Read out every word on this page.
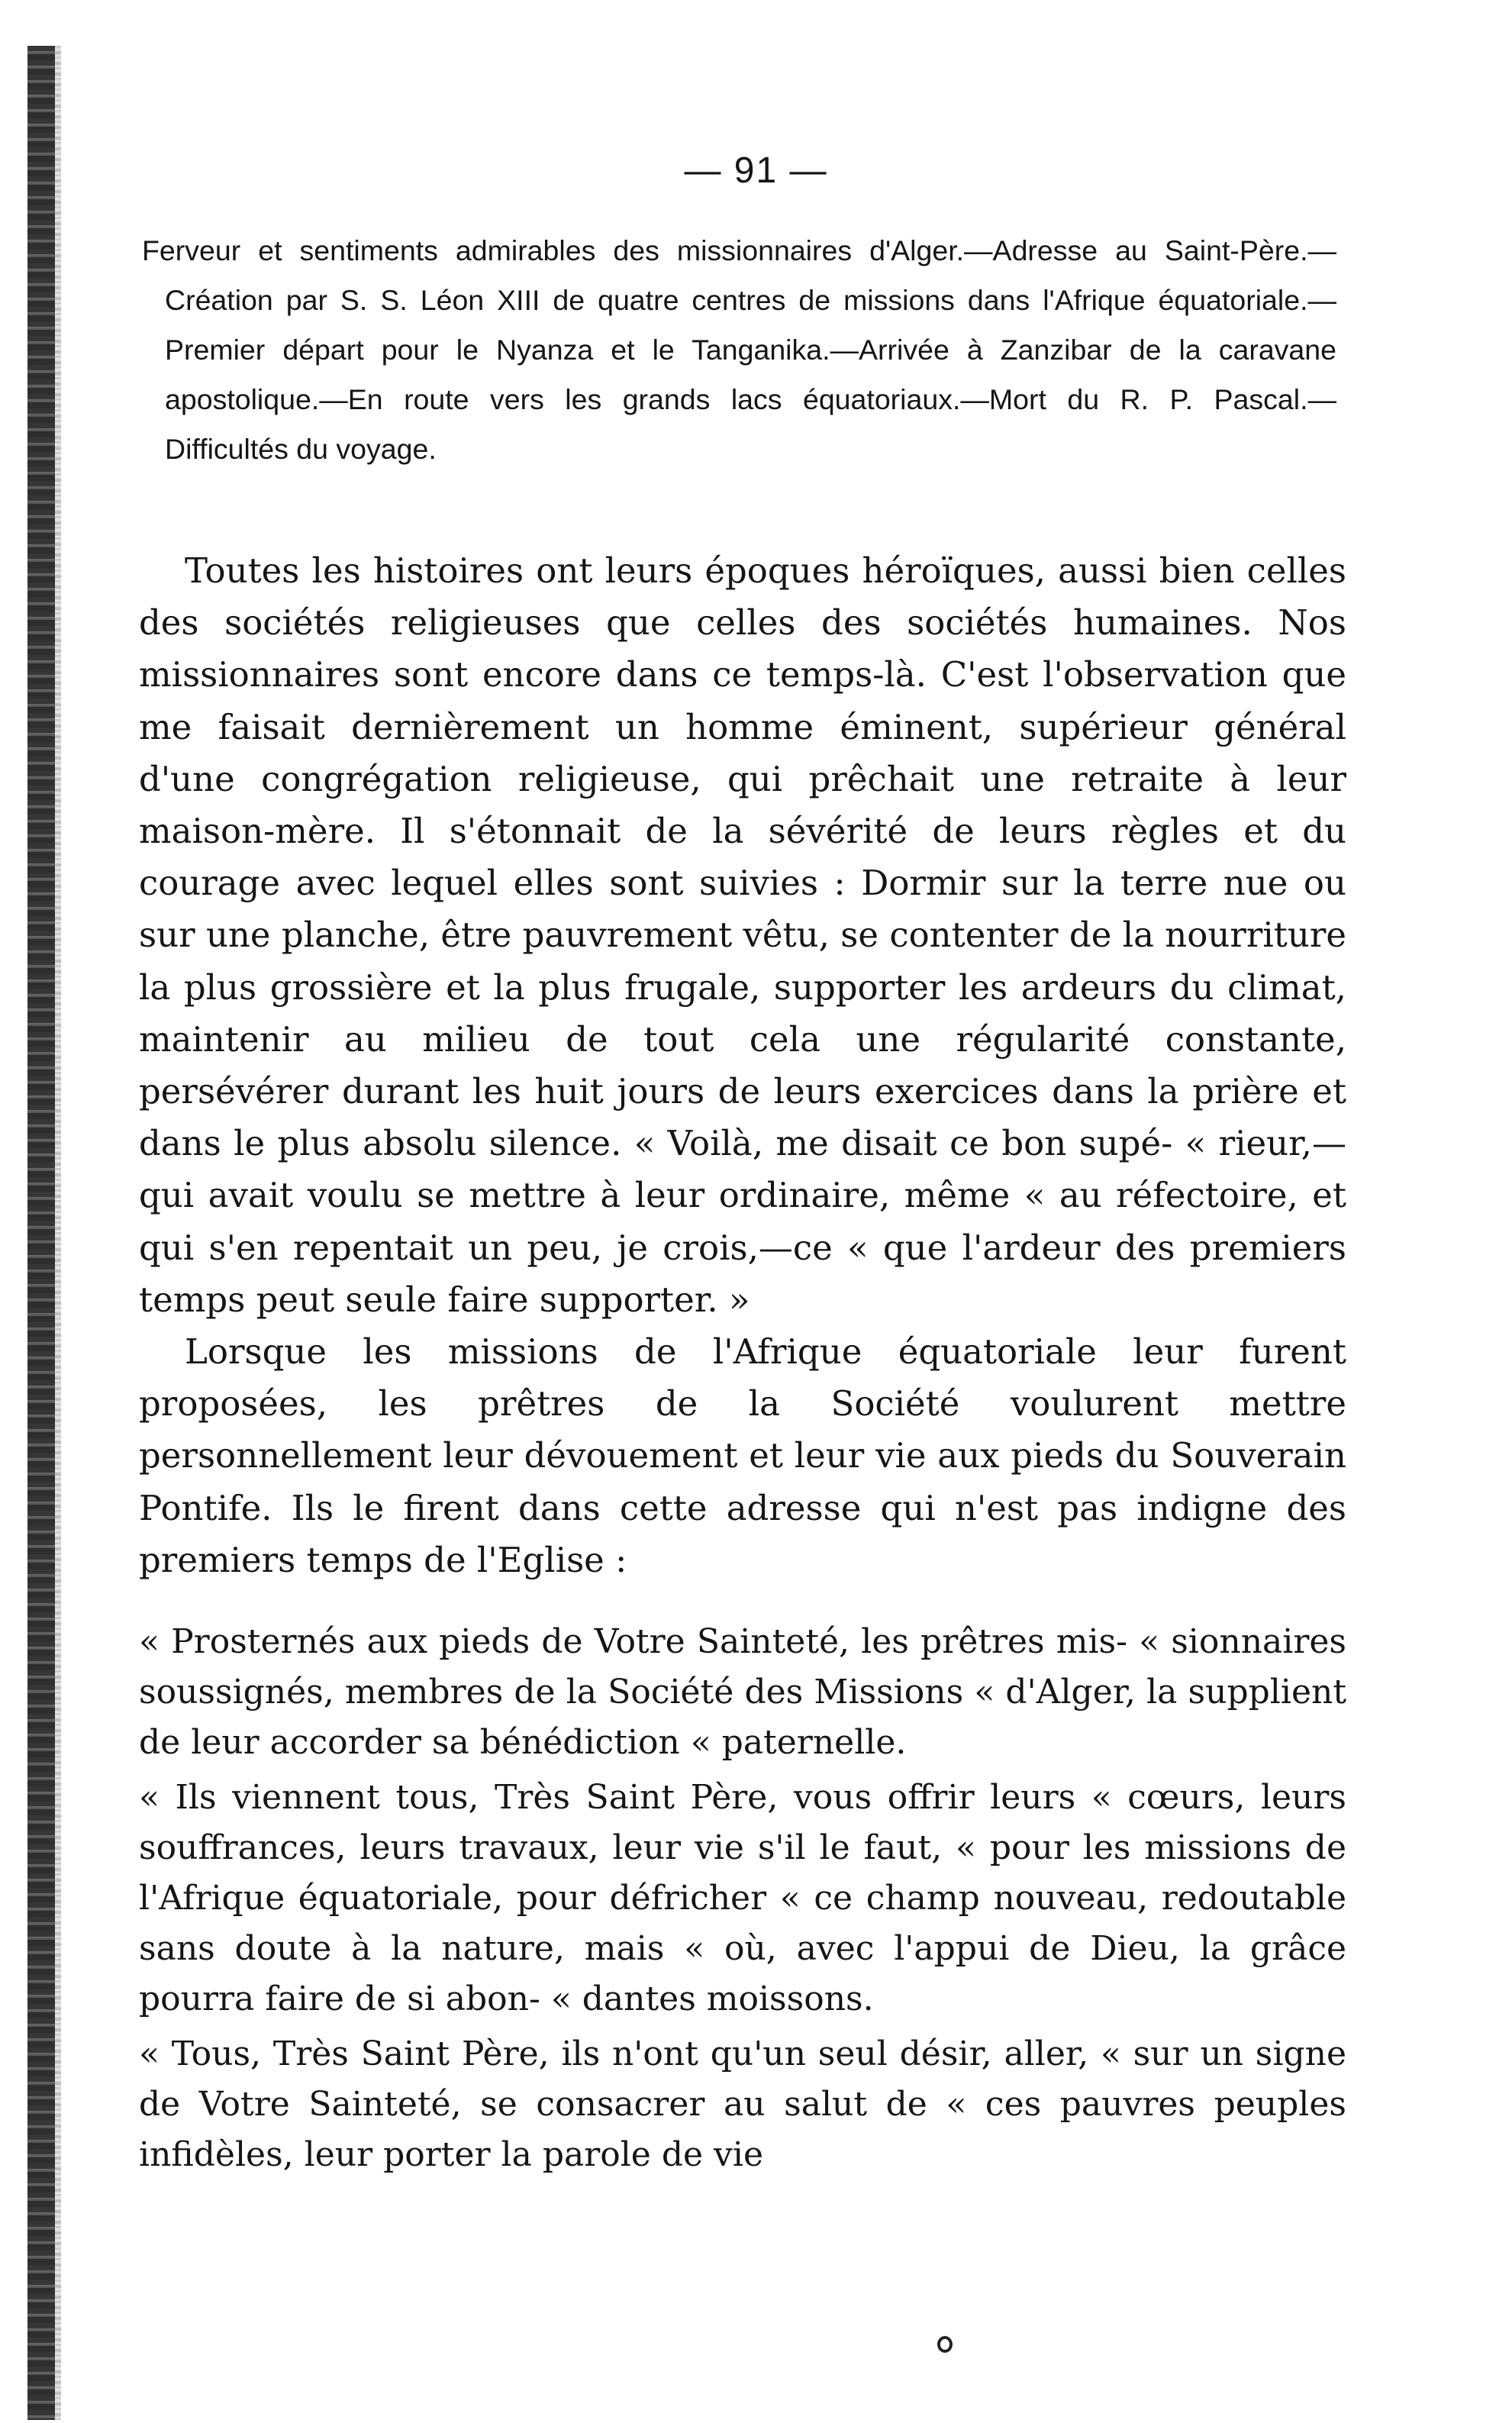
— 91 —

Ferveur et sentiments admirables des missionnaires d'Alger.—Adresse au Saint-Père.—Création par S. S. Léon XIII de quatre centres de missions dans l'Afrique équatoriale.—Premier départ pour le Nyanza et le Tanganika.—Arrivée à Zanzibar de la caravane apostolique.—En route vers les grands lacs équatoriaux.—Mort du R. P. Pascal.— Difficultés du voyage.

Toutes les histoires ont leurs époques héroïques, aussi bien celles des sociétés religieuses que celles des sociétés humaines. Nos missionnaires sont encore dans ce temps-là. C'est l'observation que me faisait dernièrement un homme éminent, supérieur général d'une congrégation religieuse, qui prêchait une retraite à leur maison-mère. Il s'étonnait de la sévérité de leurs règles et du courage avec lequel elles sont suivies : Dormir sur la terre nue ou sur une planche, être pauvrement vêtu, se contenter de la nourriture la plus grossière et la plus frugale, supporter les ardeurs du climat, maintenir au milieu de tout cela une régularité constante, persévérer durant les huit jours de leurs exercices dans la prière et dans le plus absolu silence. « Voilà, me disait ce bon supé- « rieur,—qui avait voulu se mettre à leur ordinaire, même « au réfectoire, et qui s'en repentait un peu, je crois,—ce « que l'ardeur des premiers temps peut seule faire supporter. »

Lorsque les missions de l'Afrique équatoriale leur furent proposées, les prêtres de la Société voulurent mettre personnellement leur dévouement et leur vie aux pieds du Souverain Pontife. Ils le firent dans cette adresse qui n'est pas indigne des premiers temps de l'Eglise :

« Prosternés aux pieds de Votre Sainteté, les prêtres mis- « sionnaires soussignés, membres de la Société des Missions « d'Alger, la supplient de leur accorder sa bénédiction « paternelle.

« Ils viennent tous, Très Saint Père, vous offrir leurs « cœurs, leurs souffrances, leurs travaux, leur vie s'il le faut, « pour les missions de l'Afrique équatoriale, pour défricher « ce champ nouveau, redoutable sans doute à la nature, mais « où, avec l'appui de Dieu, la grâce pourra faire de si abon- « dantes moissons.

« Tous, Très Saint Père, ils n'ont qu'un seul désir, aller, « sur un signe de Votre Sainteté, se consacrer au salut de « ces pauvres peuples infidèles, leur porter la parole de vie
